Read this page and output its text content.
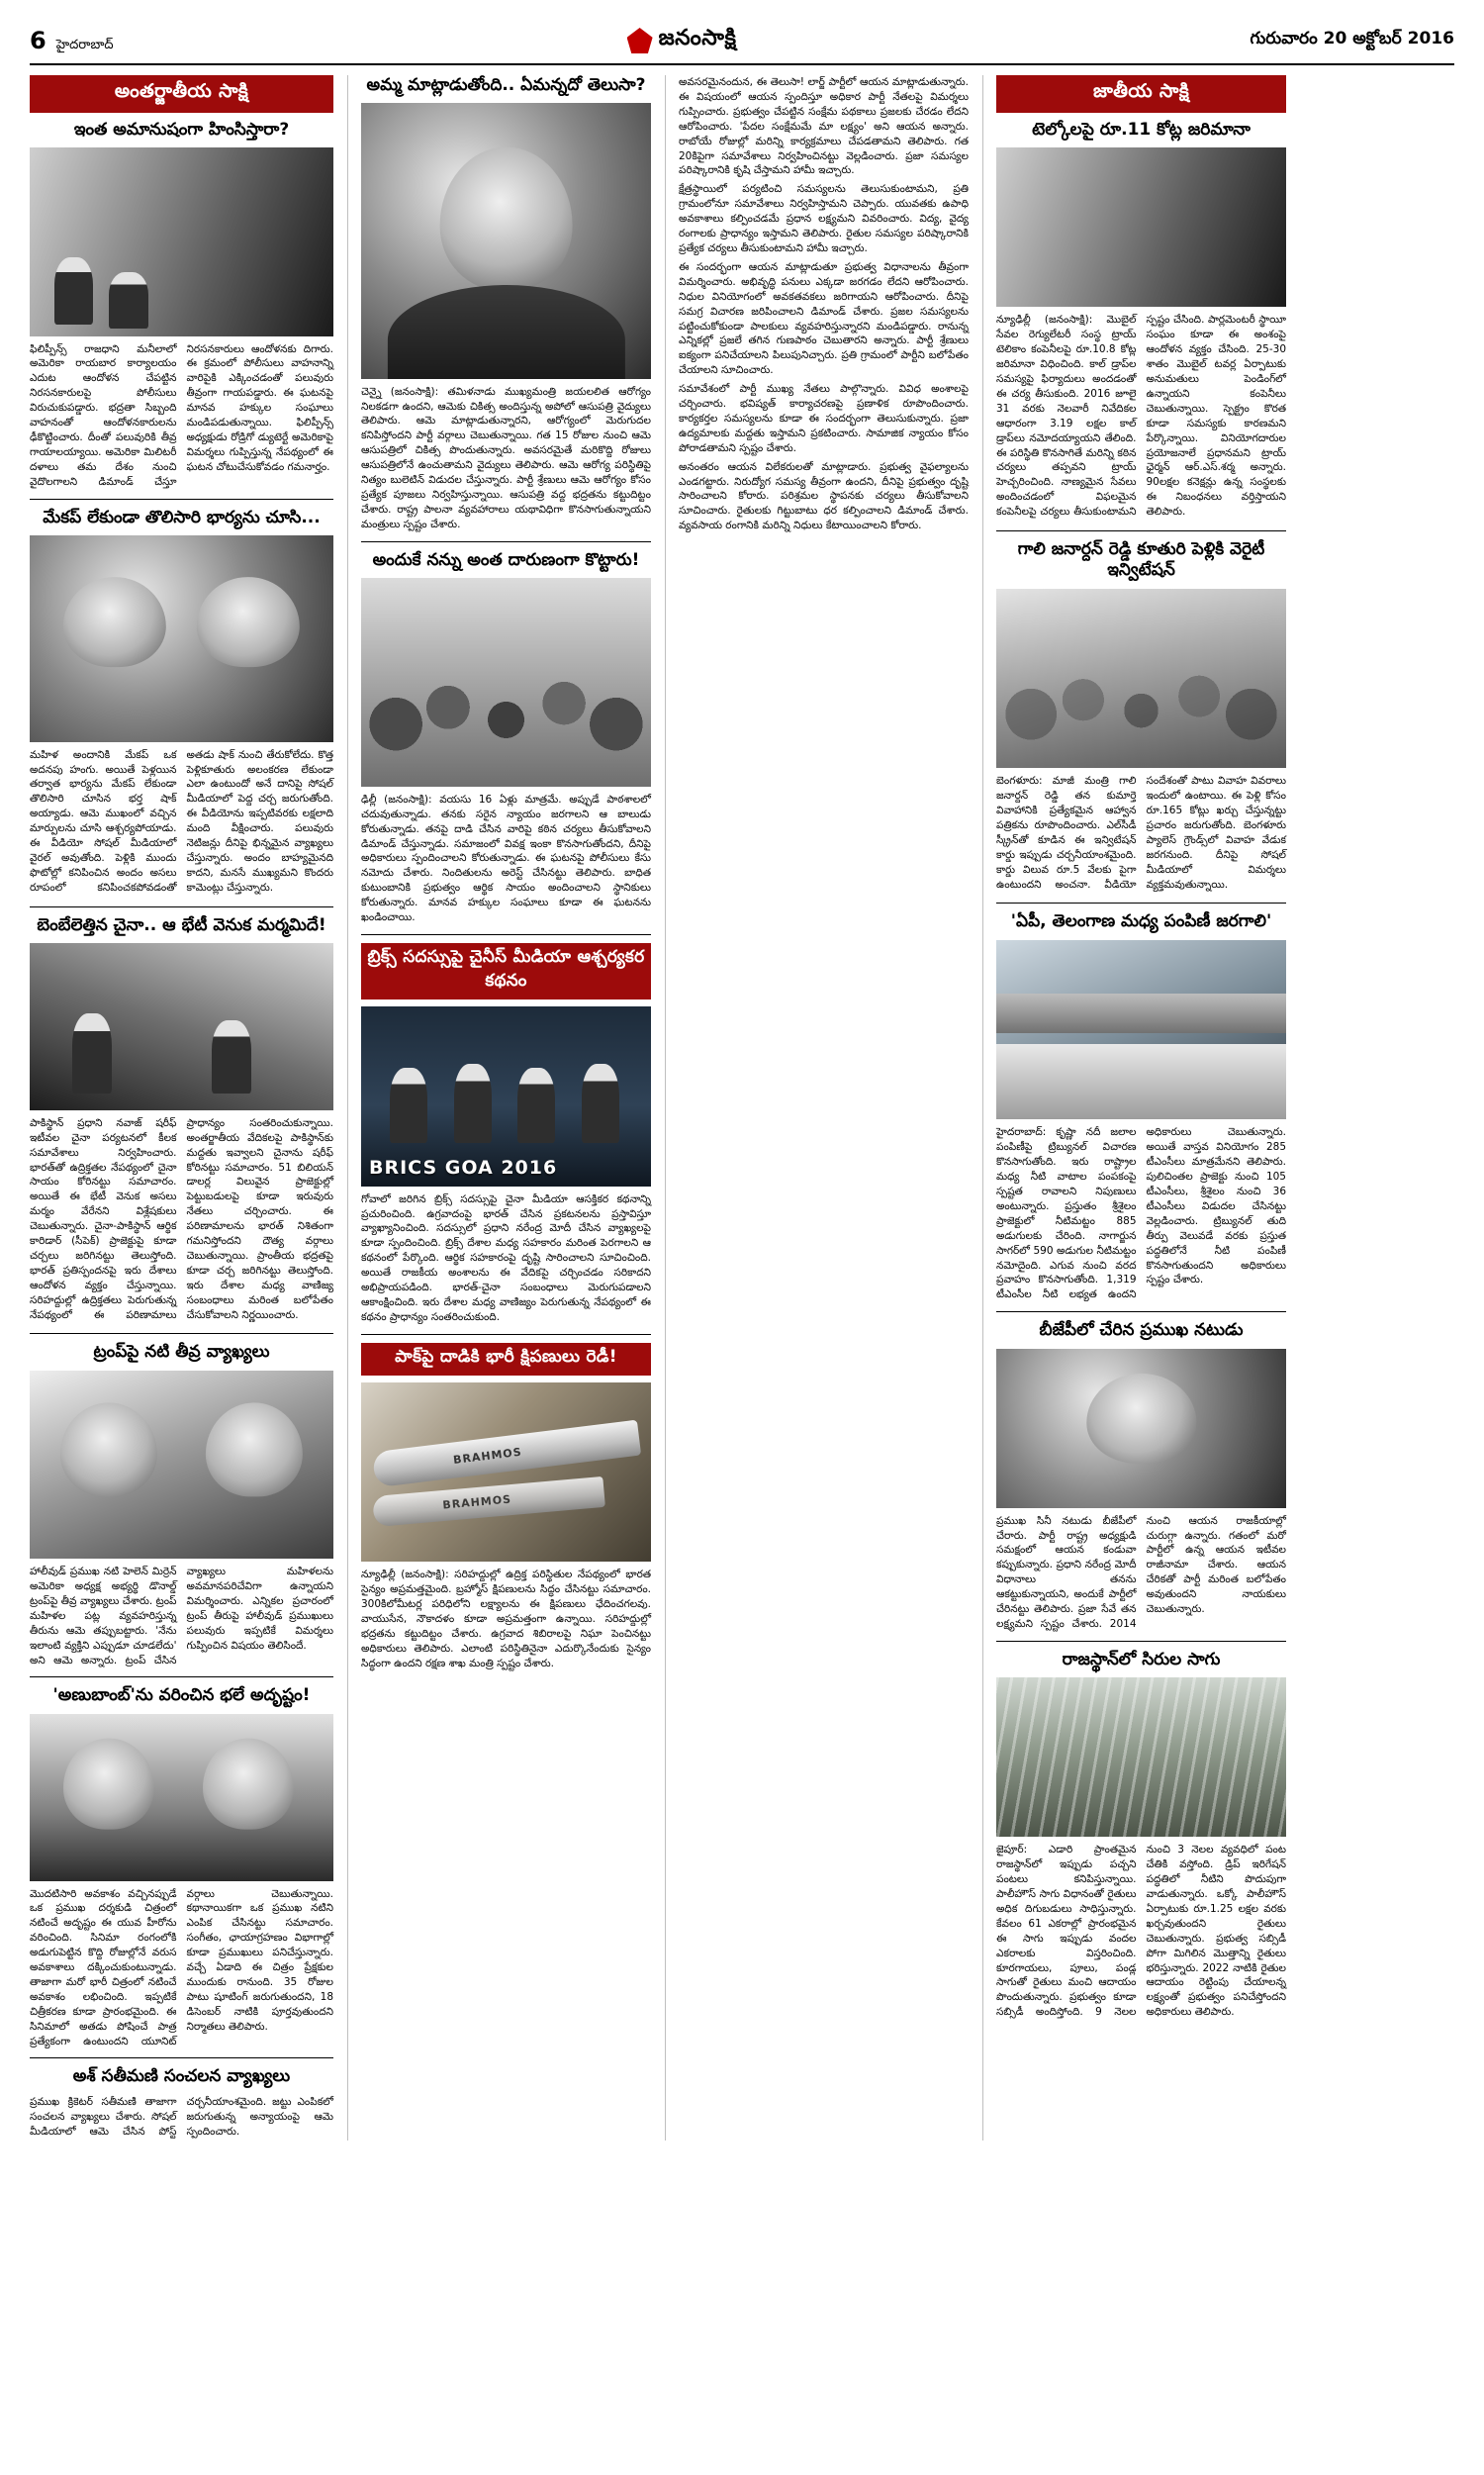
6 హైదరాబాద్	జనంసాక్షి	గురువారం 20 అక్టోబర్ 2016
అంతర్జాతీయ సాక్షి
ఇంత అమానుషంగా హింసిస్తారా?

ఫిలిప్పీన్స్ రాజధాని మనీలాలో అమెరికా రాయబార కార్యాలయం ఎదుట ఆందోళన చేపట్టిన నిరసనకారులపై పోలీసులు విరుచుకుపడ్డారు. భద్రతా సిబ్బంది వాహనంతో ఆందోళనకారులను ఢీకొట్టించారు. దీంతో పలువురికి తీవ్ర గాయాలయ్యాయి. అమెరికా మిలిటరీ దళాలు తమ దేశం నుంచి వైదొలగాలని డిమాండ్ చేస్తూ నిరసనకారులు ఆందోళనకు దిగారు. ఈ క్రమంలో పోలీసులు వాహనాన్ని వారిపైకి ఎక్కించడంతో పలువురు తీవ్రంగా గాయపడ్డారు. ఈ ఘటనపై మానవ హక్కుల సంఘాలు మండిపడుతున్నాయి. ఫిలిప్పీన్స్ అధ్యక్షుడు రోడ్రిగో డ్యుటెర్టే అమెరికాపై విమర్శలు గుప్పిస్తున్న నేపథ్యంలో ఈ ఘటన చోటుచేసుకోవడం గమనార్హం.

మేకప్ లేకుండా తొలిసారి భార్యను చూసి...

మహిళ అందానికి మేకప్ ఒక అదనపు హంగు. అయితే పెళ్లయిన తర్వాత భార్యను మేకప్ లేకుండా తొలిసారి చూసిన భర్త షాక్ అయ్యాడు. ఆమె ముఖంలో వచ్చిన మార్పులను చూసి ఆశ్చర్యపోయాడు. ఈ వీడియో సోషల్ మీడియాలో వైరల్ అవుతోంది. పెళ్లికి ముందు ఫొటోల్లో కనిపించిన అందం అసలు రూపంలో కనిపించకపోవడంతో అతడు షాక్ నుంచి తేరుకోలేదు. కొత్త పెళ్లికూతురు అలంకరణ లేకుండా ఎలా ఉంటుందో అనే దానిపై సోషల్ మీడియాలో పెద్ద చర్చ జరుగుతోంది. ఈ వీడియోను ఇప్పటివరకు లక్షలాది మంది వీక్షించారు. పలువురు నెటిజన్లు దీనిపై భిన్నమైన వ్యాఖ్యలు చేస్తున్నారు. అందం బాహ్యమైనది కాదని, మనసే ముఖ్యమని కొందరు కామెంట్లు చేస్తున్నారు.

బెంబేలెత్తిన చైనా.. ఆ భేటీ వెనుక మర్మమిదే!

పాకిస్థాన్ ప్రధాని నవాజ్ షరీఫ్ ఇటీవల చైనా పర్యటనలో కీలక సమావేశాలు నిర్వహించారు. భారత్‌తో ఉద్రిక్తతల నేపథ్యంలో చైనా సాయం కోరినట్టు సమాచారం. అయితే ఈ భేటీ వెనుక అసలు మర్మం వేరేనని విశ్లేషకులు చెబుతున్నారు. చైనా-పాకిస్థాన్ ఆర్థిక కారిడార్ (సీపెక్) ప్రాజెక్టుపై కూడా చర్చలు జరిగినట్టు తెలుస్తోంది. భారత్ ప్రతిస్పందనపై ఇరు దేశాలు ఆందోళన వ్యక్తం చేస్తున్నాయి. సరిహద్దుల్లో ఉద్రిక్తతలు పెరుగుతున్న నేపథ్యంలో ఈ పరిణామాలు ప్రాధాన్యం సంతరించుకున్నాయి. అంతర్జాతీయ వేదికలపై పాకిస్థాన్‌కు మద్దతు ఇవ్వాలని చైనాను షరీఫ్ కోరినట్టు సమాచారం. 51 బిలియన్ డాలర్ల విలువైన ప్రాజెక్టుల్లో పెట్టుబడులపై కూడా ఇరువురు నేతలు చర్చించారు. ఈ పరిణామాలను భారత్ నిశితంగా గమనిస్తోందని దౌత్య వర్గాలు చెబుతున్నాయి. ప్రాంతీయ భద్రతపై కూడా చర్చ జరిగినట్టు తెలుస్తోంది. ఇరు దేశాల మధ్య వాణిజ్య సంబంధాలు మరింత బలోపేతం చేసుకోవాలని నిర్ణయించారు.

ట్రంప్‌పై నటి తీవ్ర వ్యాఖ్యలు

హాలీవుడ్ ప్రముఖ నటి హెలెన్ మిర్రెన్ అమెరికా అధ్యక్ష అభ్యర్థి డొనాల్డ్ ట్రంప్‌పై తీవ్ర వ్యాఖ్యలు చేశారు. ట్రంప్ మహిళల పట్ల వ్యవహరిస్తున్న తీరును ఆమె తప్పుబట్టారు. 'నేను ఇలాంటి వ్యక్తిని ఎప్పుడూ చూడలేదు' అని ఆమె అన్నారు. ట్రంప్ చేసిన వ్యాఖ్యలు మహిళలను అవమానపరిచేవిగా ఉన్నాయని విమర్శించారు. ఎన్నికల ప్రచారంలో ట్రంప్ తీరుపై హాలీవుడ్ ప్రముఖులు పలువురు ఇప్పటికే విమర్శలు గుప్పించిన విషయం తెలిసిందే.

'అణుబాంబ్'ను వరించిన భలే అదృష్టం!

మొదటిసారి అవకాశం వచ్చినప్పుడే ఒక ప్రముఖ దర్శకుడి చిత్రంలో నటించే అదృష్టం ఈ యువ హీరోను వరించింది. సినిమా రంగంలోకి అడుగుపెట్టిన కొద్ది రోజుల్లోనే వరుస అవకాశాలు దక్కించుకుంటున్నాడు. తాజాగా మరో భారీ చిత్రంలో నటించే అవకాశం లభించింది. ఇప్పటికే చిత్రీకరణ కూడా ప్రారంభమైంది. ఈ సినిమాలో అతడు పోషించే పాత్ర ప్రత్యేకంగా ఉంటుందని యూనిట్ వర్గాలు చెబుతున్నాయి. కథానాయికగా ఒక ప్రముఖ నటిని ఎంపిక చేసినట్టు సమాచారం. సంగీతం, ఛాయాగ్రహణం విభాగాల్లో కూడా ప్రముఖులు పనిచేస్తున్నారు. వచ్చే ఏడాది ఈ చిత్రం ప్రేక్షకుల ముందుకు రానుంది. 35 రోజుల పాటు షూటింగ్ జరుగుతుందని, 18 డిసెంబర్ నాటికి పూర్తవుతుందని నిర్మాతలు తెలిపారు.

అశ్ సతీమణి సంచలన వ్యాఖ్యలు

ప్రముఖ క్రికెటర్ సతీమణి తాజాగా సంచలన వ్యాఖ్యలు చేశారు. సోషల్ మీడియాలో ఆమె చేసిన పోస్ట్ చర్చనీయాంశమైంది. జట్టు ఎంపికలో జరుగుతున్న అన్యాయంపై ఆమె స్పందించారు.

అమ్మ మాట్లాడుతోంది.. ఏమన్నదో తెలుసా?

చెన్నై (జనంసాక్షి): తమిళనాడు ముఖ్యమంత్రి జయలలిత ఆరోగ్యం నిలకడగా ఉందని, ఆమెకు చికిత్స అందిస్తున్న అపోలో ఆసుపత్రి వైద్యులు తెలిపారు. ఆమె మాట్లాడుతున్నారని, ఆరోగ్యంలో మెరుగుదల కనిపిస్తోందని పార్టీ వర్గాలు చెబుతున్నాయి. గత 15 రోజుల నుంచి ఆమె ఆసుపత్రిలో చికిత్స పొందుతున్నారు. అవసరమైతే మరికొద్ది రోజులు ఆసుపత్రిలోనే ఉంచుతామని వైద్యులు తెలిపారు. ఆమె ఆరోగ్య పరిస్థితిపై నిత్యం బులెటిన్ విడుదల చేస్తున్నారు. పార్టీ శ్రేణులు ఆమె ఆరోగ్యం కోసం ప్రత్యేక పూజలు నిర్వహిస్తున్నాయి. ఆసుపత్రి వద్ద భద్రతను కట్టుదిట్టం చేశారు. రాష్ట్ర పాలనా వ్యవహారాలు యథావిధిగా కొనసాగుతున్నాయని మంత్రులు స్పష్టం చేశారు.

అందుకే నన్ను అంత దారుణంగా కొట్టారు!

ఢిల్లీ (జనంసాక్షి): వయసు 16 ఏళ్లు మాత్రమే. అప్పుడే పాఠశాలలో చదువుతున్నాడు. తనకు సరైన న్యాయం జరగాలని ఆ బాలుడు కోరుతున్నాడు. తనపై దాడి చేసిన వారిపై కఠిన చర్యలు తీసుకోవాలని డిమాండ్ చేస్తున్నాడు. సమాజంలో వివక్ష ఇంకా కొనసాగుతోందని, దీనిపై అధికారులు స్పందించాలని కోరుతున్నాడు. ఈ ఘటనపై పోలీసులు కేసు నమోదు చేశారు. నిందితులను అరెస్ట్ చేసినట్టు తెలిపారు. బాధిత కుటుంబానికి ప్రభుత్వం ఆర్థిక సాయం అందించాలని స్థానికులు కోరుతున్నారు. మానవ హక్కుల సంఘాలు కూడా ఈ ఘటనను ఖండించాయి.

బ్రిక్స్ సదస్సుపై చైనీస్ మీడియా ఆశ్చర్యకర కథనం
BRICS GOA 2016

గోవాలో జరిగిన బ్రిక్స్ సదస్సుపై చైనా మీడియా ఆసక్తికర కథనాన్ని ప్రచురించింది. ఉగ్రవాదంపై భారత్ చేసిన ప్రకటనలను ప్రస్తావిస్తూ వ్యాఖ్యానించింది. సదస్సులో ప్రధాని నరేంద్ర మోదీ చేసిన వ్యాఖ్యలపై కూడా స్పందించింది. బ్రిక్స్ దేశాల మధ్య సహకారం మరింత పెరగాలని ఆ కథనంలో పేర్కొంది. ఆర్థిక సహకారంపై దృష్టి సారించాలని సూచించింది. అయితే రాజకీయ అంశాలను ఈ వేదికపై చర్చించడం సరికాదని అభిప్రాయపడింది. భారత్-చైనా సంబంధాలు మెరుగుపడాలని ఆకాంక్షించింది. ఇరు దేశాల మధ్య వాణిజ్యం పెరుగుతున్న నేపథ్యంలో ఈ కథనం ప్రాధాన్యం సంతరించుకుంది.

పాక్‌పై దాడికి భారీ క్షిపణులు రెడీ!
BRAHMOS
BRAHMOS

న్యూఢిల్లీ (జనంసాక్షి): సరిహద్దుల్లో ఉద్రిక్త పరిస్థితుల నేపథ్యంలో భారత సైన్యం అప్రమత్తమైంది. బ్రహ్మోస్ క్షిపణులను సిద్ధం చేసినట్టు సమాచారం. 300కిలోమీటర్ల పరిధిలోని లక్ష్యాలను ఈ క్షిపణులు ఛేదించగలవు. వాయుసేన, నౌకాదళం కూడా అప్రమత్తంగా ఉన్నాయి. సరిహద్దుల్లో భద్రతను కట్టుదిట్టం చేశారు. ఉగ్రవాద శిబిరాలపై నిఘా పెంచినట్టు అధికారులు తెలిపారు. ఎలాంటి పరిస్థితినైనా ఎదుర్కొనేందుకు సైన్యం సిద్ధంగా ఉందని రక్షణ శాఖ మంత్రి స్పష్టం చేశారు.

అవసరమైనందున, ఈ తెలుసా! లార్జ్ పార్టీలో ఆయన మాట్లాడుతున్నారు. ఈ విషయంలో ఆయన స్పందిస్తూ అధికార పార్టీ నేతలపై విమర్శలు గుప్పించారు. ప్రభుత్వం చేపట్టిన సంక్షేమ పథకాలు ప్రజలకు చేరడం లేదని ఆరోపించారు. 'పేదల సంక్షేమమే మా లక్ష్యం' అని ఆయన అన్నారు. రాబోయే రోజుల్లో మరిన్ని కార్యక్రమాలు చేపడతామని తెలిపారు. గత 20కిపైగా సమావేశాలు నిర్వహించినట్టు వెల్లడించారు. ప్రజా సమస్యల పరిష్కారానికి కృషి చేస్తామని హామీ ఇచ్చారు.

క్షేత్రస్థాయిలో పర్యటించి సమస్యలను తెలుసుకుంటామని, ప్రతి గ్రామంలోనూ సమావేశాలు నిర్వహిస్తామని చెప్పారు. యువతకు ఉపాధి అవకాశాలు కల్పించడమే ప్రధాన లక్ష్యమని వివరించారు. విద్య, వైద్య రంగాలకు ప్రాధాన్యం ఇస్తామని తెలిపారు. రైతుల సమస్యల పరిష్కారానికి ప్రత్యేక చర్యలు తీసుకుంటామని హామీ ఇచ్చారు.

ఈ సందర్భంగా ఆయన మాట్లాడుతూ ప్రభుత్వ విధానాలను తీవ్రంగా విమర్శించారు. అభివృద్ధి పనులు ఎక్కడా జరగడం లేదని ఆరోపించారు. నిధుల వినియోగంలో అవకతవకలు జరిగాయని ఆరోపించారు. దీనిపై సమగ్ర విచారణ జరిపించాలని డిమాండ్ చేశారు. ప్రజల సమస్యలను పట్టించుకోకుండా పాలకులు వ్యవహరిస్తున్నారని మండిపడ్డారు. రానున్న ఎన్నికల్లో ప్రజలే తగిన గుణపాఠం చెబుతారని అన్నారు. పార్టీ శ్రేణులు ఐక్యంగా పనిచేయాలని పిలుపునిచ్చారు. ప్రతి గ్రామంలో పార్టీని బలోపేతం చేయాలని సూచించారు.

సమావేశంలో పార్టీ ముఖ్య నేతలు పాల్గొన్నారు. వివిధ అంశాలపై చర్చించారు. భవిష్యత్ కార్యాచరణపై ప్రణాళిక రూపొందించారు. కార్యకర్తల సమస్యలను కూడా ఈ సందర్భంగా తెలుసుకున్నారు. ప్రజా ఉద్యమాలకు మద్దతు ఇస్తామని ప్రకటించారు. సామాజిక న్యాయం కోసం పోరాడతామని స్పష్టం చేశారు.

అనంతరం ఆయన విలేకరులతో మాట్లాడారు. ప్రభుత్వ వైఫల్యాలను ఎండగట్టారు. నిరుద్యోగ సమస్య తీవ్రంగా ఉందని, దీనిపై ప్రభుత్వం దృష్టి సారించాలని కోరారు. పరిశ్రమల స్థాపనకు చర్యలు తీసుకోవాలని సూచించారు. రైతులకు గిట్టుబాటు ధర కల్పించాలని డిమాండ్ చేశారు. వ్యవసాయ రంగానికి మరిన్ని నిధులు కేటాయించాలని కోరారు.

జాతీయ సాక్షి
టెల్కోలపై రూ.11 కోట్ల జరిమానా

న్యూఢిల్లీ (జనంసాక్షి): మొబైల్ సేవల రెగ్యులేటరీ సంస్థ ట్రాయ్ టెలికాం కంపెనీలపై రూ.10.8 కోట్ల జరిమానా విధించింది. కాల్ డ్రాప్‌ల సమస్యపై ఫిర్యాదులు అందడంతో ఈ చర్య తీసుకుంది. 2016 జూలై 31 వరకు నెలవారీ నివేదికల ఆధారంగా 3.19 లక్షల కాల్ డ్రాప్‌లు నమోదయ్యాయని తేలింది. ఈ పరిస్థితి కొనసాగితే మరిన్ని కఠిన చర్యలు తప్పవని ట్రాయ్ హెచ్చరించింది. నాణ్యమైన సేవలు అందించడంలో విఫలమైన కంపెనీలపై చర్యలు తీసుకుంటామని స్పష్టం చేసింది. పార్లమెంటరీ స్థాయీ సంఘం కూడా ఈ అంశంపై ఆందోళన వ్యక్తం చేసింది. 25-30 శాతం మొబైల్ టవర్ల ఏర్పాటుకు అనుమతులు పెండింగ్‌లో ఉన్నాయని కంపెనీలు చెబుతున్నాయి. స్పెక్ట్రం కొరత కూడా సమస్యకు కారణమని పేర్కొన్నాయి. వినియోగదారుల ప్రయోజనాలే ప్రధానమని ట్రాయ్ ఛైర్మన్ ఆర్.ఎస్.శర్మ అన్నారు. 90లక్షల కనెక్షన్లు ఉన్న సంస్థలకు ఈ నిబంధనలు వర్తిస్తాయని తెలిపారు.

గాలి జనార్దన్ రెడ్డి కూతురి పెళ్లికి వెరైటీ ఇన్విటేషన్

బెంగళూరు: మాజీ మంత్రి గాలి జనార్దన్ రెడ్డి తన కుమార్తె వివాహానికి ప్రత్యేకమైన ఆహ్వాన పత్రికను రూపొందించారు. ఎల్‌సీడీ స్క్రీన్‌తో కూడిన ఈ ఇన్విటేషన్ కార్డు ఇప్పుడు చర్చనీయాంశమైంది. కార్డు విలువ రూ.5 వేలకు పైగా ఉంటుందని అంచనా. వీడియో సందేశంతో పాటు వివాహ వివరాలు ఇందులో ఉంటాయి. ఈ పెళ్లి కోసం రూ.165 కోట్లు ఖర్చు చేస్తున్నట్టు ప్రచారం జరుగుతోంది. బెంగళూరు ప్యాలెస్ గ్రౌండ్స్‌లో వివాహ వేడుక జరగనుంది. దీనిపై సోషల్ మీడియాలో విమర్శలు వ్యక్తమవుతున్నాయి.

'ఏపీ, తెలంగాణ మధ్య పంపిణీ జరగాలి'

హైదరాబాద్: కృష్ణా నదీ జలాల పంపిణీపై ట్రిబ్యునల్ విచారణ కొనసాగుతోంది. ఇరు రాష్ట్రాల మధ్య నీటి వాటాల పంపకంపై స్పష్టత రావాలని నిపుణులు అంటున్నారు. ప్రస్తుతం శ్రీశైలం ప్రాజెక్టులో నీటిమట్టం 885 అడుగులకు చేరింది. నాగార్జున సాగర్‌లో 590 అడుగుల నీటిమట్టం నమోదైంది. ఎగువ నుంచి వరద ప్రవాహం కొనసాగుతోంది. 1,319 టీఎంసీల నీటి లభ్యత ఉందని అధికారులు చెబుతున్నారు. అయితే వాస్తవ వినియోగం 285 టీఎంసీలు మాత్రమేనని తెలిపారు. పులిచింతల ప్రాజెక్టు నుంచి 105 టీఎంసీలు, శ్రీశైలం నుంచి 36 టీఎంసీలు విడుదల చేసినట్టు వెల్లడించారు. ట్రిబ్యునల్ తుది తీర్పు వెలువడే వరకు ప్రస్తుత పద్ధతిలోనే నీటి పంపిణీ కొనసాగుతుందని అధికారులు స్పష్టం చేశారు.

బీజేపీలో చేరిన ప్రముఖ నటుడు

ప్రముఖ సినీ నటుడు బీజేపీలో చేరారు. పార్టీ రాష్ట్ర అధ్యక్షుడి సమక్షంలో ఆయన కండువా కప్పుకున్నారు. ప్రధాని నరేంద్ర మోదీ విధానాలు తనను ఆకట్టుకున్నాయని, అందుకే పార్టీలో చేరినట్టు తెలిపారు. ప్రజా సేవే తన లక్ష్యమని స్పష్టం చేశారు. 2014 నుంచి ఆయన రాజకీయాల్లో చురుగ్గా ఉన్నారు. గతంలో మరో పార్టీలో ఉన్న ఆయన ఇటీవల రాజీనామా చేశారు. ఆయన చేరికతో పార్టీ మరింత బలోపేతం అవుతుందని నాయకులు చెబుతున్నారు.

రాజస్థాన్‌లో సిరుల సాగు

జైపూర్: ఎడారి ప్రాంతమైన రాజస్థాన్‌లో ఇప్పుడు పచ్చని పంటలు కనిపిస్తున్నాయి. పాలీహౌస్ సాగు విధానంతో రైతులు అధిక దిగుబడులు సాధిస్తున్నారు. కేవలం 61 ఎకరాల్లో ప్రారంభమైన ఈ సాగు ఇప్పుడు వందల ఎకరాలకు విస్తరించింది. కూరగాయలు, పూలు, పండ్ల సాగుతో రైతులు మంచి ఆదాయం పొందుతున్నారు. ప్రభుత్వం కూడా సబ్సిడీ అందిస్తోంది. 9 నెలల నుంచి 3 నెలల వ్యవధిలో పంట చేతికి వస్తోంది. డ్రిప్ ఇరిగేషన్ పద్ధతిలో నీటిని పొదుపుగా వాడుతున్నారు. ఒక్కో పాలీహౌస్ ఏర్పాటుకు రూ.1.25 లక్షల వరకు ఖర్చవుతుందని రైతులు చెబుతున్నారు. ప్రభుత్వ సబ్సిడీ పోగా మిగిలిన మొత్తాన్ని రైతులు భరిస్తున్నారు. 2022 నాటికి రైతుల ఆదాయం రెట్టింపు చేయాలన్న లక్ష్యంతో ప్రభుత్వం పనిచేస్తోందని అధికారులు తెలిపారు.
